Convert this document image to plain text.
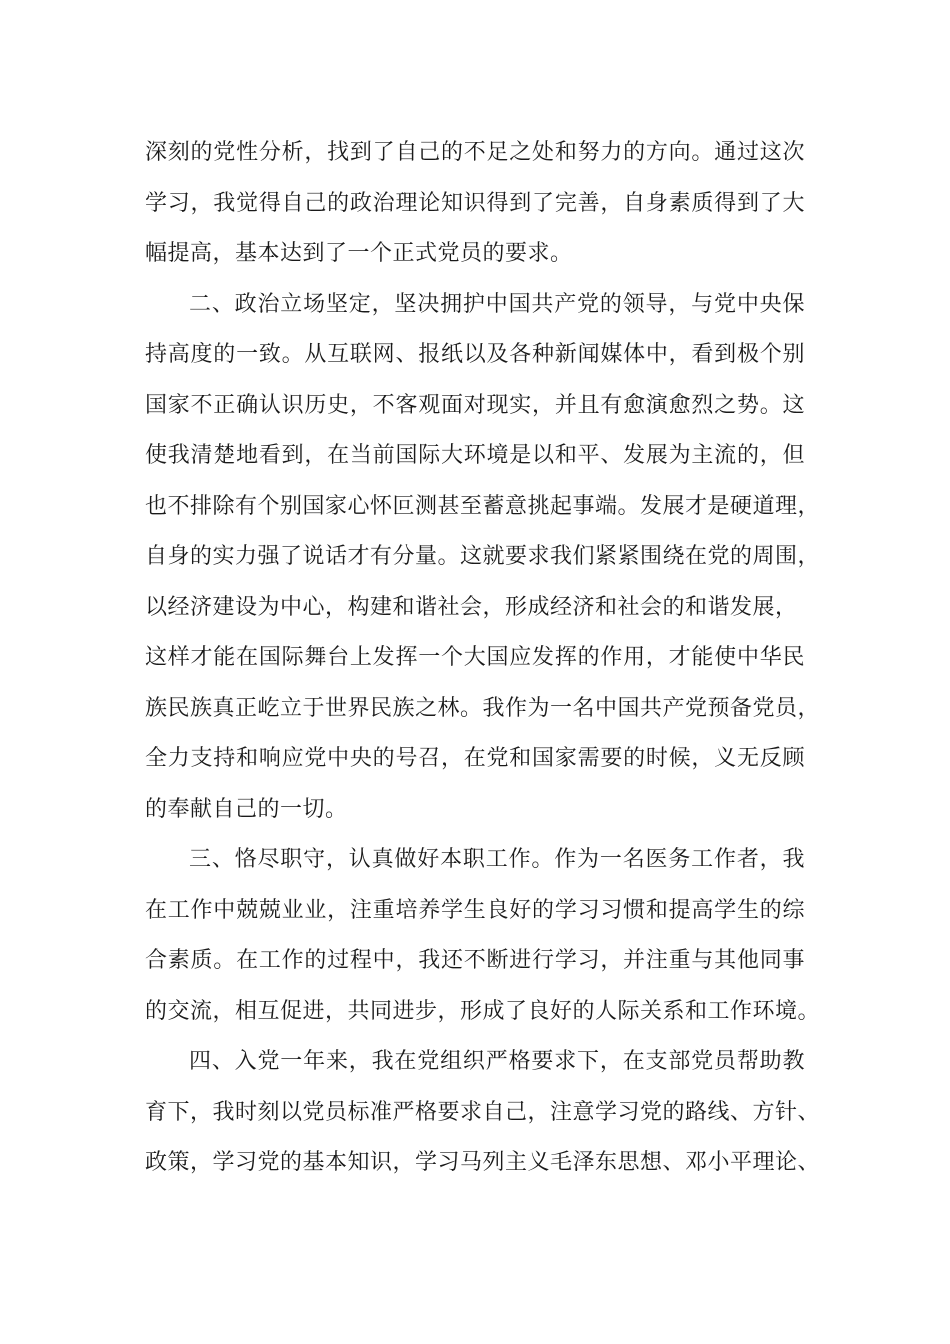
深刻的党性分析，找到了自己的不足之处和努力的方向。通过这次
学习，我觉得自己的政治理论知识得到了完善，自身素质得到了大
幅提高，基本达到了一个正式党员的要求。
二、政治立场坚定，坚决拥护中国共产党的领导，与党中央保
持高度的一致。从互联网、报纸以及各种新闻媒体中，看到极个别
国家不正确认识历史，不客观面对现实，并且有愈演愈烈之势。这
使我清楚地看到，在当前国际大环境是以和平、发展为主流的，但
也不排除有个别国家心怀叵测甚至蓄意挑起事端。发展才是硬道理，
自身的实力强了说话才有分量。这就要求我们紧紧围绕在党的周围，
以经济建设为中心，构建和谐社会，形成经济和社会的和谐发展，
这样才能在国际舞台上发挥一个大国应发挥的作用，才能使中华民
族民族真正屹立于世界民族之林。我作为一名中国共产党预备党员，
全力支持和响应党中央的号召，在党和国家需要的时候，义无反顾
的奉献自己的一切。
三、恪尽职守，认真做好本职工作。作为一名医务工作者，我
在工作中兢兢业业，注重培养学生良好的学习习惯和提高学生的综
合素质。在工作的过程中，我还不断进行学习，并注重与其他同事
的交流，相互促进，共同进步，形成了良好的人际关系和工作环境。
四、入党一年来，我在党组织严格要求下，在支部党员帮助教
育下，我时刻以党员标准严格要求自己，注意学习党的路线、方针、
政策，学习党的基本知识，学习马列主义毛泽东思想、邓小平理论、
